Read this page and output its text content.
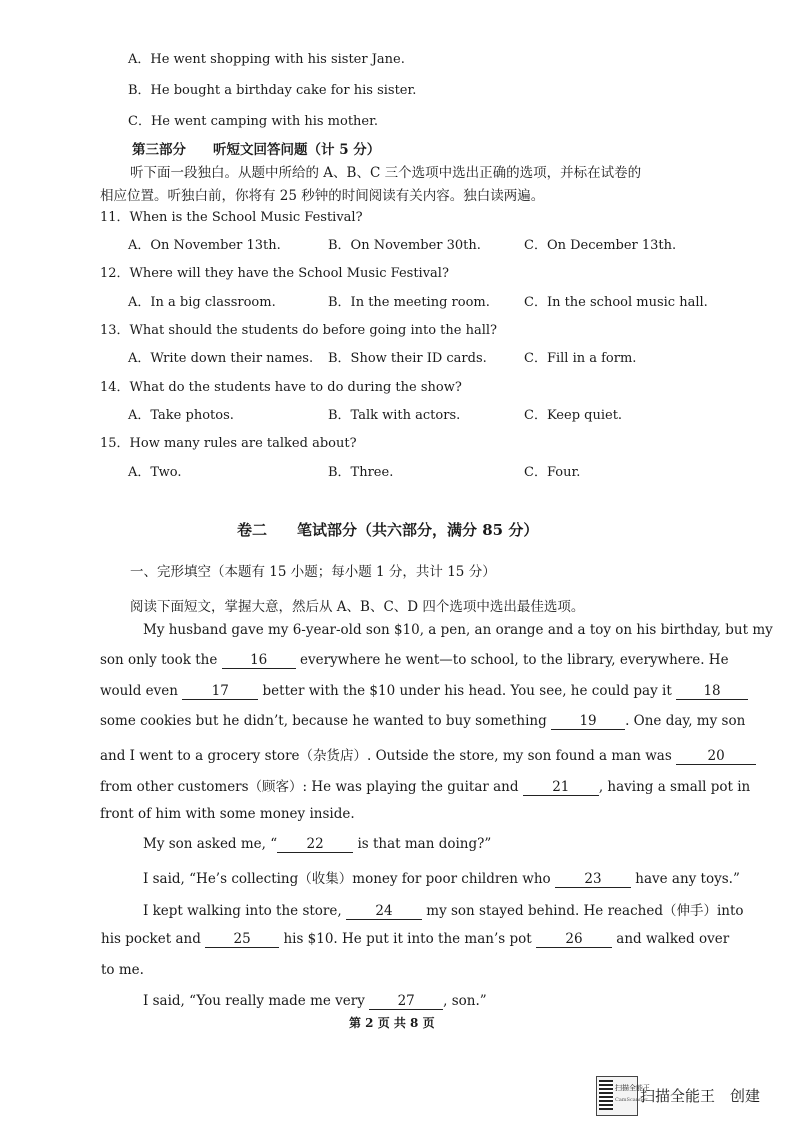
A．He went shopping with his sister Jane.
B．He bought a birthday cake for his sister.
C．He went camping with his mother.
第三部分　　听短文回答问题（计 5 分）
听下面一段独白。从题中所给的 A、B、C 三个选项中选出正确的选项，并标在试卷的
相应位置。听独白前，你将有 25 秒钟的时间阅读有关内容。独白读两遍。
11．When is the School Music Festival?
A．On November 13th.	B．On November 30th.	C．On December 13th.
12．Where will they have the School Music Festival?
A．In a big classroom.	B．In the meeting room.	C．In the school music hall.
13．What should the students do before going into the hall?
A．Write down their names. B．Show their ID cards.	C．Fill in a form.
14．What do the students have to do during the show?
A．Take photos.	B．Talk with actors.	C．Keep quiet.
15．How many rules are talked about?
A．Two.	B．Three.	C．Four.
卷二　　笔试部分（共六部分，满分 85 分）
一、完形填空（本题有 15 小题；每小题 1 分，共计 15 分）
阅读下面短文，掌握大意，然后从 A、B、C、D 四个选项中选出最佳选项。
My husband gave my 6-year-old son $10, a pen, an orange and a toy on his birthday, but my
son only took the 16 everywhere he went—to school, to the library, everywhere. He
would even 17 better with the $10 under his head. You see, he could pay it 18
some cookies but he didn’t, because he wanted to buy something 19 . One day, my son
and I went to a grocery store（杂货店）. Outside the store, my son found a man was	20
from other customers（顾客）: He was playing the guitar and 21 , having a small pot in
front of him with some money inside.
My son asked me, “ 22 is that man doing?”
I said, “He’s collecting（收集）money for poor children who 23 have any toys.”
I kept walking into the store, 24 my son stayed behind. He reached（伸手）into
his pocket and 25 his $10. He put it into the man’s pot 26 and walked over
to me.
I said, “You really made me very 27 , son.”
第 2 页 共 8 页
扫描全能王
CamScanner
扫描全能王　创建
